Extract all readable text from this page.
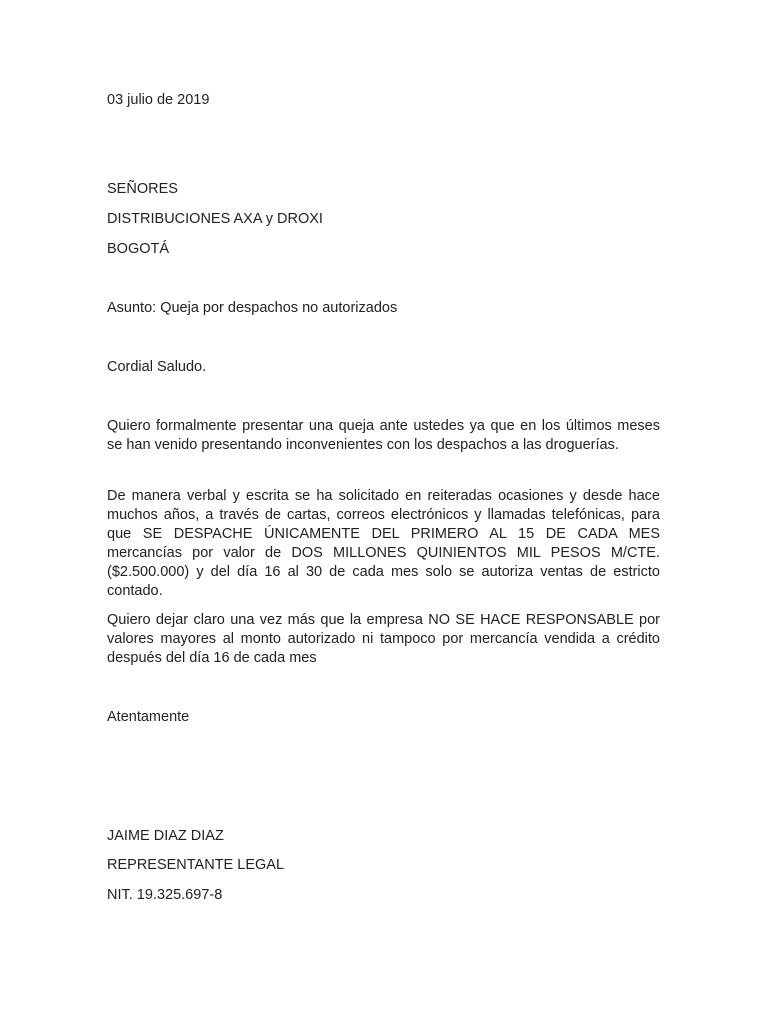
03 julio de 2019
SEÑORES
DISTRIBUCIONES AXA y DROXI
BOGOTÁ
Asunto: Queja por despachos no autorizados
Cordial Saludo.

Quiero formalmente presentar una queja ante ustedes ya que en los últimos meses se han venido presentando inconvenientes con los despachos a las droguerías.

De manera verbal y escrita se ha solicitado en reiteradas ocasiones y desde hace muchos años, a través de cartas, correos electrónicos y llamadas telefónicas, para que SE DESPACHE ÚNICAMENTE DEL PRIMERO AL 15 DE CADA MES mercancías por valor de DOS MILLONES QUINIENTOS MIL PESOS M/CTE. ($2.500.000) y del día 16 al 30 de cada mes solo se autoriza ventas de estricto contado.

Quiero dejar claro una vez más que la empresa NO SE HACE RESPONSABLE por valores mayores al monto autorizado ni tampoco por mercancía vendida a crédito después del día 16 de cada mes

Atentamente
JAIME DIAZ DIAZ
REPRESENTANTE LEGAL
NIT. 19.325.697-8
